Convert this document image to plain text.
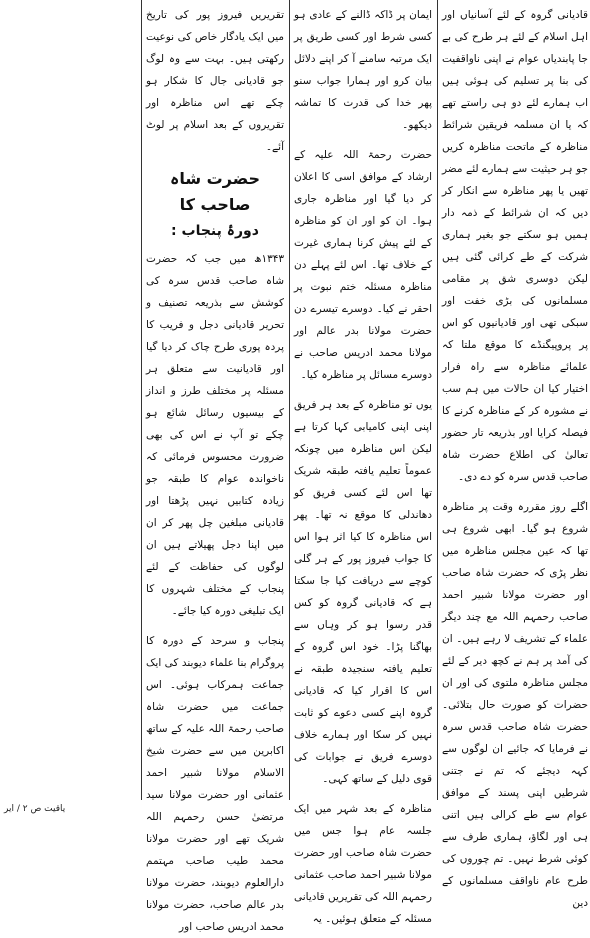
قادیانی گروہ کے لئے آسانیاں اور اہل اسلام کے لئے ہر طرح کی بے جا پابندیاں عوام نے اپنی ناواقفیت کی بنا پر تسلیم کی ہوئی ہیں اب ہمارے لئے دو ہی راستے تھے کہ یا ان مسلمہ فریقین شرائط مناظرہ کے ماتحت مناظرہ کریں جو ہر حیثیت سے ہمارے لئے مضر تھیں یا پھر مناظرہ سے انکار کر دیں کہ ان شرائط کے ذمہ دار ہمیں ہو سکتے جو بغیر ہماری شرکت کے طے کرائی گئی ہیں لیکن دوسری شق پر مقامی مسلمانوں کی بڑی خفت اور سبکی تھی اور قادیانیوں کو اس پر پروپیگنڈے کا موقع ملتا کہ علمائے مناظرہ سے راہ فرار اختیار کیا ان حالات میں ہم سب نے مشورہ کر کے مناظرہ کرنے کا فیصلہ کرایا اور بذریعہ تار حضور تعالیٰ کی اطلاع حضرت شاہ صاحب قدس سرہ کو دے دی۔

اگلے روز مقررہ وقت پر مناظرہ شروع ہو گیا۔ ابھی شروع ہی تھا کہ عین مجلس مناظرہ میں نظر پڑی کہ حضرت شاہ صاحب اور حضرت مولانا شبیر احمد صاحب رحمہم اللہ مع چند دیگر علماء کے تشریف لا رہے ہیں۔ ان کی آمد پر ہم نے کچھ دیر کے لئے مجلس مناظرہ ملتوی کی اور ان حضرات کو صورت حال بتلائی۔ حضرت شاہ صاحب قدس سرہ نے فرمایا کہ جائیے ان لوگوں سے کہہ دیجئے کہ تم نے جتنی شرطیں اپنی پسند کے موافق عوام سے طے کرالی ہیں اتنی ہی اور لگاؤ، ہماری طرف سے کوئی شرط نہیں۔ تم چوروں کی طرح عام ناواقف مسلمانوں کے دین

ایمان پر ڈاکہ ڈالنے کے عادی ہو کسی شرط اور کسی طریق پر ایک مرتبہ سامنے آ کر اپنے دلائل بیان کرو اور ہمارا جواب سنو پھر خدا کی قدرت کا تماشہ دیکھو۔

حضرت رحمۃ اللہ علیہ کے ارشاد کے موافق اسی کا اعلان کر دیا گیا اور مناظرہ جاری ہوا۔ ان کو اور ان کو مناظرہ کے لئے پیش کرنا ہماری غیرت کے خلاف تھا۔ اس لئے پہلے دن مناظرہ مسئلہ ختم نبوت پر احقر نے کیا۔ دوسرے تیسرے دن حضرت مولانا بدر عالم اور مولانا محمد ادریس صاحب نے دوسرے مسائل پر مناظرہ کیا۔

یوں تو مناظرہ کے بعد ہر فریق اپنی اپنی کامیابی کہا کرتا ہے لیکن اس مناظرہ میں چونکہ عموماً تعلیم یافتہ طبقہ شریک تھا اس لئے کسی فریق کو دھاندلی کا موقع نہ تھا۔ پھر اس مناظرہ کا کیا اثر ہوا اس کا جواب فیروز پور کے ہر گلی کوچے سے دریافت کیا جا سکتا ہے کہ قادیانی گروہ کو کس قدر رسوا ہو کر وہاں سے بھاگنا پڑا۔ خود اس گروہ کے تعلیم یافتہ سنجیدہ طبقہ نے اس کا اقرار کیا کہ قادیانی گروہ اپنے کسی دعوے کو ثابت نہیں کر سکا اور ہمارے خلاف دوسرے فریق نے جوابات کی قوی دلیل کے ساتھ کہی۔

مناظرہ کے بعد شہر میں ایک جلسہ عام ہوا جس میں حضرت شاہ صاحب اور حضرت مولانا شبیر احمد صاحب عثمانی رحمہم اللہ کی تقریریں قادیانی مسئلہ کے متعلق ہوئیں۔ یہ

تقریریں فیروز پور کی تاریخ میں ایک یادگار خاص کی نوعیت رکھتی ہیں۔ بہت سے وہ لوگ جو قادیانی جال کا شکار ہو چکے تھے اس مناظرہ اور تقریروں کے بعد اسلام پر لوٹ آئے۔

حضرت شاہ صاحب کا
دورۂ پنجاب :

۱۳۴۳ھ میں جب کہ حضرت شاہ صاحب قدس سرہ کی کوشش سے بذریعہ تصنیف و تحریر قادیانی دجل و فریب کا پردہ پوری طرح چاک کر دیا گیا اور قادیانیت سے متعلق ہر مسئلہ پر مختلف طرز و انداز کے بیسیوں رسائل شائع ہو چکے تو آپ نے اس کی بھی ضرورت محسوس فرمائی کہ ناخواندہ عوام کا طبقہ جو زیادہ کتابیں نہیں پڑھتا اور قادیانی مبلغین چل پھر کر ان میں اپنا دجل پھیلاتے ہیں ان لوگوں کی حفاظت کے لئے پنجاب کے مختلف شہروں کا ایک تبلیغی دورہ کیا جائے۔

پنجاب و سرحد کے دورہ کا پروگرام بنا علماء دیوبند کی ایک جماعت ہمرکاب ہوئی۔ اس جماعت میں حضرت شاہ صاحب رحمۃ اللہ علیہ کے ساتھ اکابرین میں سے حضرت شیخ الاسلام مولانا شبیر احمد عثمانی اور حضرت مولانا سید مرتضیٰ حسن رحمہم اللہ شریک تھے اور حضرت مولانا محمد طیب صاحب مہتمم دارالعلوم دیوبند، حضرت مولانا بدر عالم صاحب، حضرت مولانا محمد ادریس صاحب اور

یاقیت ص ۲ / ایر
